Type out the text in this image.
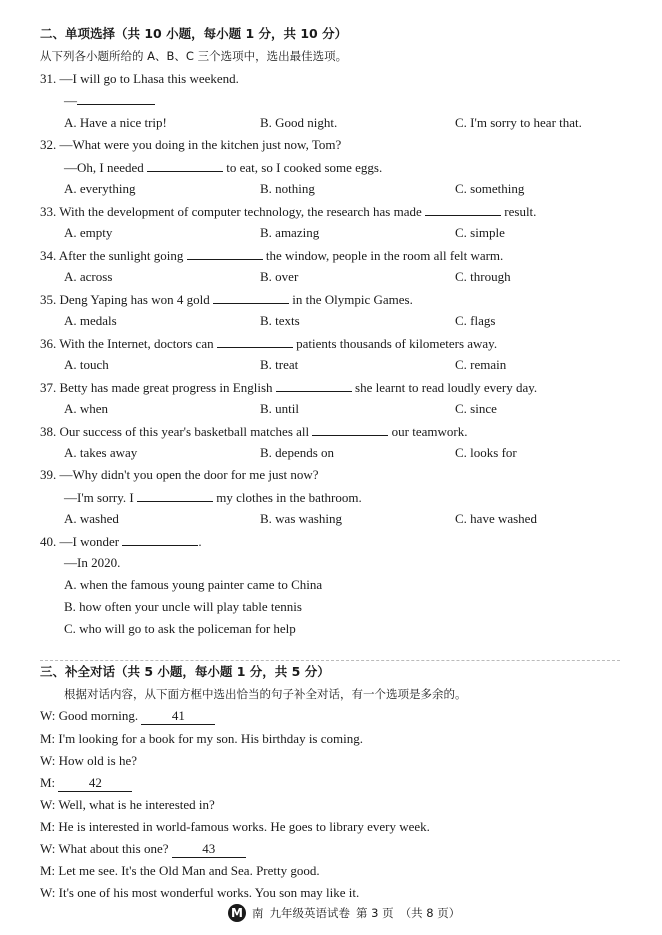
二、单项选择（共 10 小题，每小题 1 分，共 10 分）
从下列各小题所给的 A、B、C 三个选项中，选出最佳选项。
31. —I will go to Lhasa this weekend.
—
A. Have a nice trip!	B. Good night.	C. I'm sorry to hear that.
32. —What were you doing in the kitchen just now, Tom?
—Oh, I needed	to eat, so I cooked some eggs.
A. everything	B. nothing	C. something
33. With the development of computer technology, the research has made	result.
A. empty	B. amazing	C. simple
34. After the sunlight going	the window, people in the room all felt warm.
A. across	B. over	C. through
35. Deng Yaping has won 4 gold	in the Olympic Games.
A. medals	B. texts	C. flags
36. With the Internet, doctors can	patients thousands of kilometers away.
A. touch	B. treat	C. remain
37. Betty has made great progress in English	she learnt to read loudly every day.
A. when	B. until	C. since
38. Our success of this year's basketball matches all	our teamwork.
A. takes away	B. depends on	C. looks for
39. —Why didn't you open the door for me just now?
—I'm sorry. I	my clothes in the bathroom.
A. washed	B. was washing	C. have washed
40. —I wonder	.
—In 2020.
A. when the famous young painter came to China
B. how often your uncle will play table tennis
C. who will go to ask the policeman for help
三、补全对话（共 5 小题，每小题 1 分，共 5 分）
根据对话内容，从下面方框中选出恰当的句子补全对话，有一个选项是多余的。
W: Good morning.	41
M: I'm looking for a book for my son. His birthday is coming.
W: How old is he?
M:	42
W: Well, what is he interested in?
M: He is interested in world-famous works. He goes to library every week.
W: What about this one?	43
M: Let me see. It's the Old Man and Sea. Pretty good.
W: It's one of his most wonderful works. You son may like it.
M 南 九年级英语试卷 第 3 页 （共 8 页）
